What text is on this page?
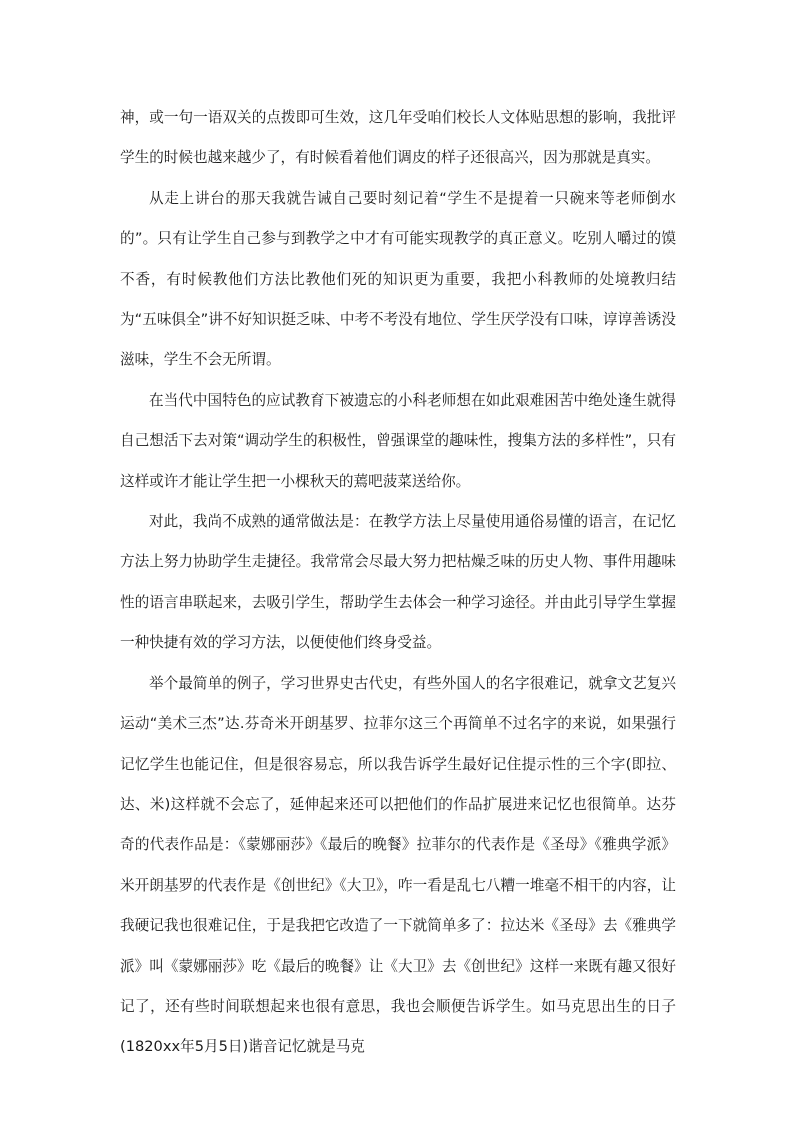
神，或一句一语双关的点拨即可生效，这几年受咱们校长人文体贴思想的影响，我批评学生的时候也越来越少了，有时候看着他们调皮的样子还很高兴，因为那就是真实。

从走上讲台的那天我就告诫自己要时刻记着“学生不是提着一只碗来等老师倒水的”。只有让学生自己参与到教学之中才有可能实现教学的真正意义。吃别人嚼过的馍不香，有时候教他们方法比教他们死的知识更为重要，我把小科教师的处境教归结为“五味俱全”讲不好知识挺乏味、中考不考没有地位、学生厌学没有口味，谆谆善诱没滋味，学生不会无所谓。

在当代中国特色的应试教育下被遗忘的小科老师想在如此艰难困苦中绝处逢生就得自己想活下去对策“调动学生的积极性，曾强课堂的趣味性，搜集方法的多样性”，只有这样或许才能让学生把一小棵秋天的蔫吧菠菜送给你。

对此，我尚不成熟的通常做法是：在教学方法上尽量使用通俗易懂的语言，在记忆方法上努力协助学生走捷径。我常常会尽最大努力把枯燥乏味的历史人物、事件用趣味性的语言串联起来，去吸引学生，帮助学生去体会一种学习途径。并由此引导学生掌握一种快捷有效的学习方法，以便使他们终身受益。

举个最简单的例子，学习世界史古代史，有些外国人的名字很难记，就拿文艺复兴运动“美术三杰”达.芬奇米开朗基罗、拉菲尔这三个再简单不过名字的来说，如果强行记忆学生也能记住，但是很容易忘，所以我告诉学生最好记住提示性的三个字(即拉、达、米)这样就不会忘了，延伸起来还可以把他们的作品扩展进来记忆也很简单。达芬奇的代表作品是：《蒙娜丽莎》《最后的晚餐》拉菲尔的代表作是《圣母》《雅典学派》米开朗基罗的代表作是《创世纪》《大卫》，咋一看是乱七八糟一堆毫不相干的内容，让我硬记我也很难记住，于是我把它改造了一下就简单多了：拉达米《圣母》去《雅典学派》叫《蒙娜丽莎》吃《最后的晚餐》让《大卫》去《创世纪》这样一来既有趣又很好记了，还有些时间联想起来也很有意思，我也会顺便告诉学生。如马克思出生的日子(1820xx年5月5日)谐音记忆就是马克
